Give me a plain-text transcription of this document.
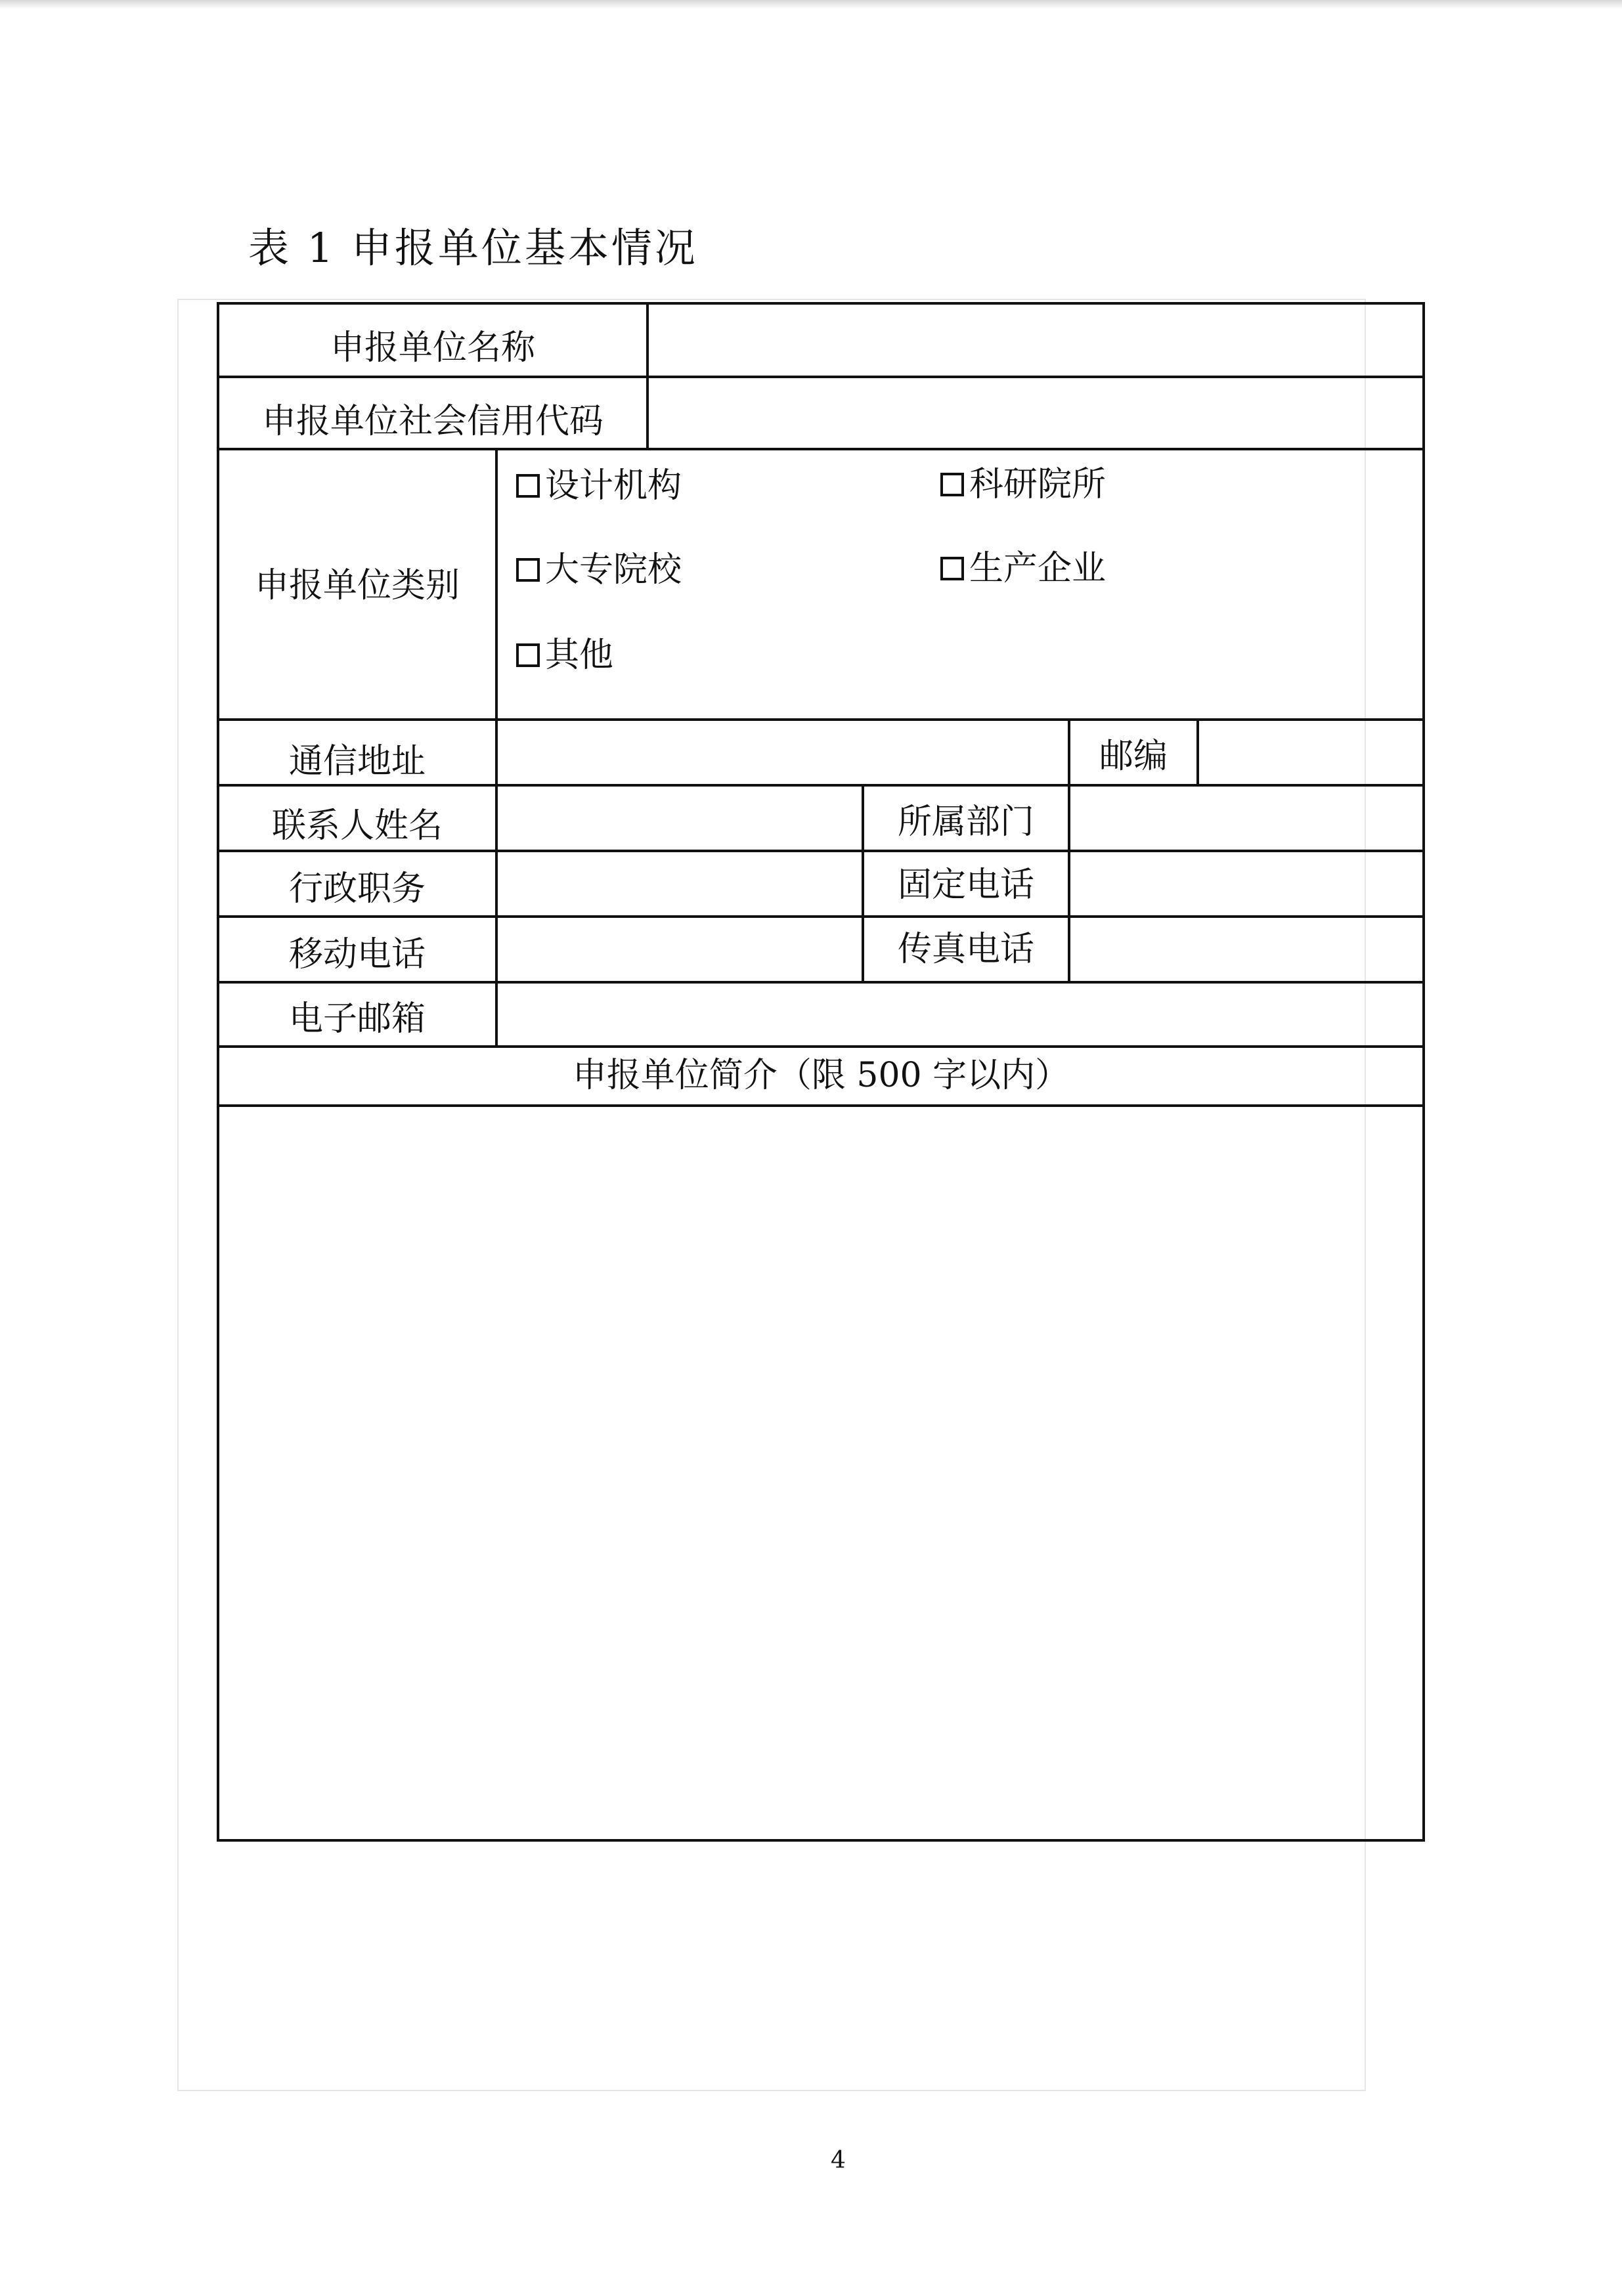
表 1 申报单位基本情况
申报单位名称
申报单位社会信用代码
申报单位类别
设计机构	科研院所
大专院校	生产企业
其他
通信地址	邮编
联系人姓名	所属部门
行政职务	固定电话
移动电话	传真电话
电子邮箱
申报单位简介（限 500 字以内）
4
